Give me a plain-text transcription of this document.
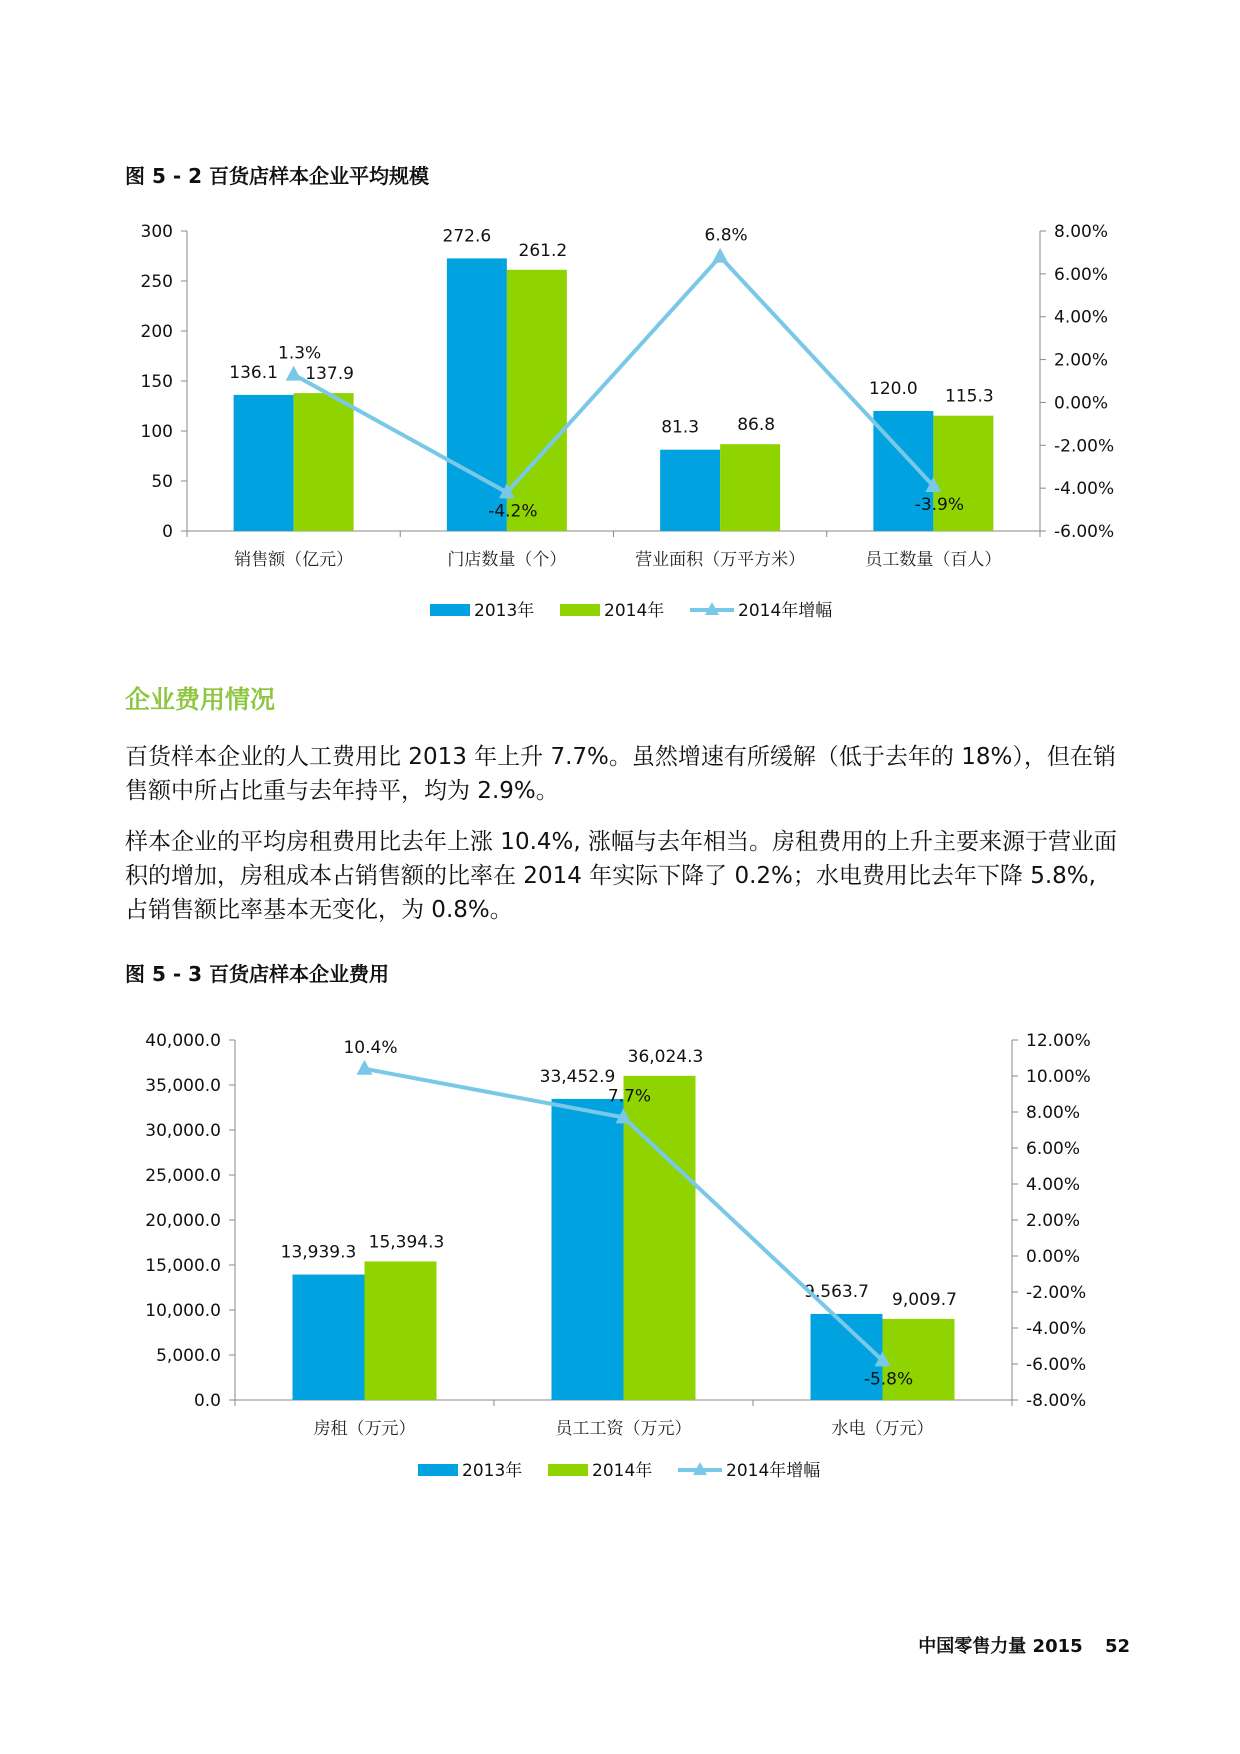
图 5 - 2 百货店样本企业平均规模
0
50
100
150
200
250
300
-6.00%
-4.00%
-2.00%
0.00%
2.00%
4.00%
6.00%
8.00%
136.1 137.9
销售额（亿元）
272.6
261.2
门店数量（个）
81.3 86.8
营业面积（万平方米）
120.0 115.3
员工数量（百人）
1.3%
-4.2%
6.8%
-3.9%
2013年	2014年	2014年增幅
企业费用情况

百货样本企业的人工费用比 2013 年上升 7.7%。虽然增速有所缓解（低于去年的 18%），但在销售额中所占比重与去年持平，均为 2.9%。

样本企业的平均房租费用比去年上涨 10.4%, 涨幅与去年相当。房租费用的上升主要来源于营业面积的增加，房租成本占销售额的比率在 2014 年实际下降了 0.2%；水电费用比去年下降 5.8%, 占销售额比率基本无变化，为 0.8%。

图 5 - 3 百货店样本企业费用
0.0
5,000.0
10,000.0
15,000.0
20,000.0
25,000.0
30,000.0
35,000.0
40,000.0
-8.00%
-6.00%
-4.00%
-2.00%
0.00%
2.00%
4.00%
6.00%
8.00%
10.00%
12.00%
13,939.3
15,394.3
房租（万元）
33,452.9
36,024.3
员工工资（万元）
9,563.7 9,009.7
水电（万元）
10.4%
7.7%
-5.8%
2013年	2014年	2014年增幅
中国零售力量 2015 52
